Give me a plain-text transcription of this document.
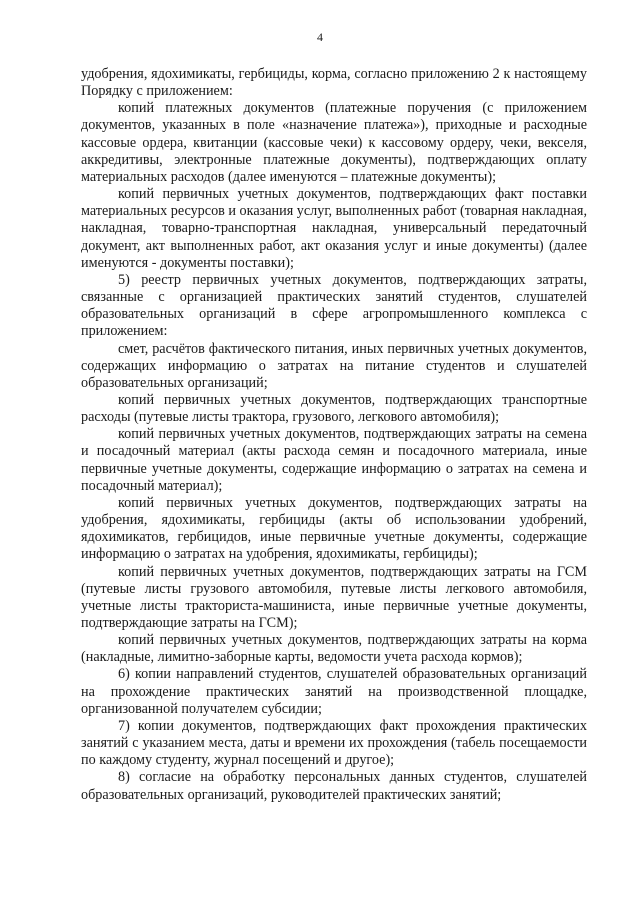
4

удобрения, ядохимикаты, гербициды, корма, согласно приложению 2 к настоящему Порядку с приложением:

копий платежных документов (платежные поручения (с приложением документов, указанных в поле «назначение платежа»), приходные и расходные кассовые ордера, квитанции (кассовые чеки) к кассовому ордеру, чеки, векселя, аккредитивы, электронные платежные документы), подтверждающих оплату материальных расходов (далее именуются – платежные документы);

копий первичных учетных документов, подтверждающих факт поставки материальных ресурсов и оказания услуг, выполненных работ (товарная накладная, накладная, товарно-транспортная накладная, универсальный передаточный документ, акт выполненных работ, акт оказания услуг и иные документы) (далее именуются - документы поставки);

5) реестр первичных учетных документов, подтверждающих затраты, связанные с организацией практических занятий студентов, слушателей образовательных организаций в сфере агропромышленного комплекса с приложением:

смет, расчётов фактического питания, иных первичных учетных документов, содержащих информацию о затратах на питание студентов и слушателей образовательных организаций;

копий первичных учетных документов, подтверждающих транспортные расходы (путевые листы трактора, грузового, легкового автомобиля);

копий первичных учетных документов, подтверждающих затраты на семена и посадочный материал (акты расхода семян и посадочного материала, иные первичные учетные документы, содержащие информацию о затратах на семена и посадочный материал);

копий первичных учетных документов, подтверждающих затраты на удобрения, ядохимикаты, гербициды (акты об использовании удобрений, ядохимикатов, гербицидов, иные первичные учетные документы, содержащие информацию о затратах на удобрения, ядохимикаты, гербициды);

копий первичных учетных документов, подтверждающих затраты на ГСМ (путевые листы грузового автомобиля, путевые листы легкового автомобиля, учетные листы тракториста-машиниста, иные первичные учетные документы, подтверждающие затраты на ГСМ);

копий первичных учетных документов, подтверждающих затраты на корма (накладные, лимитно-заборные карты, ведомости учета расхода кормов);

6) копии направлений студентов, слушателей образовательных организаций на прохождение практических занятий на производственной площадке, организованной получателем субсидии;

7) копии документов, подтверждающих факт прохождения практических занятий с указанием места, даты и времени их прохождения (табель посещаемости по каждому студенту, журнал посещений и другое);

8) согласие на обработку персональных данных студентов, слушателей образовательных организаций, руководителей практических занятий;
